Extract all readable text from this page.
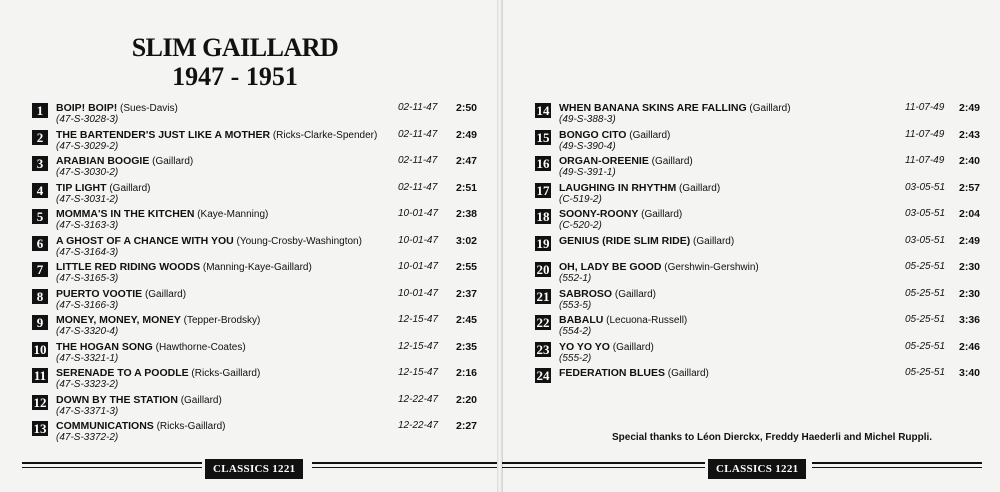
SLIM GAILLARD
1947 - 1951
1	BOIP! BOIP! (Sues-Davis)
(47-S-3028-3)
02-11-47 2:50
2	THE BARTENDER'S JUST LIKE A MOTHER (Ricks-Clarke-Spender)
(47-S-3029-2)
02-11-47 2:49
3	ARABIAN BOOGIE (Gaillard)
(47-S-3030-2)
02-11-47 2:47
4	TIP LIGHT (Gaillard)
(47-S-3031-2)
02-11-47 2:51
5	MOMMA'S IN THE KITCHEN (Kaye-Manning)
(47-S-3163-3)
10-01-47 2:38
6	A GHOST OF A CHANCE WITH YOU (Young-Crosby-Washington)
(47-S-3164-3)
10-01-47 3:02
7	LITTLE RED RIDING WOODS (Manning-Kaye-Gaillard)
(47-S-3165-3)
10-01-47 2:55
8	PUERTO VOOTIE (Gaillard)
(47-S-3166-3)
10-01-47 2:37
9	MONEY, MONEY, MONEY (Tepper-Brodsky)
(47-S-3320-4)
12-15-47 2:45
10 THE HOGAN SONG (Hawthorne-Coates)
(47-S-3321-1)
12-15-47 2:35
11 SERENADE TO A POODLE (Ricks-Gaillard)
(47-S-3323-2)
12-15-47 2:16
12 DOWN BY THE STATION (Gaillard)
(47-S-3371-3)
12-22-47 2:20
13 COMMUNICATIONS (Ricks-Gaillard)
(47-S-3372-2)
12-22-47 2:27
CLASSICS 1221
14 WHEN BANANA SKINS ARE FALLING (Gaillard)
(49-S-388-3)
11-07-49 2:49
15 BONGO CITO (Gaillard)
(49-S-390-4)
11-07-49 2:43
16 ORGAN-OREENIE (Gaillard)
(49-S-391-1)
11-07-49 2:40
17 LAUGHING IN RHYTHM (Gaillard)
(C-519-2)
03-05-51 2:57
18 SOONY-ROONY (Gaillard)
(C-520-2)
03-05-51 2:04
19 GENIUS (RIDE SLIM RIDE) (Gaillard)	03-05-51 2:49
20 OH, LADY BE GOOD (Gershwin-Gershwin)
(552-1)
05-25-51 2:30
21 SABROSO (Gaillard)
(553-5)
05-25-51 2:30
22 BABALU (Lecuona-Russell)
(554-2)
05-25-51 3:36
23 YO YO YO (Gaillard)
(555-2)
05-25-51 2:46
24 FEDERATION BLUES (Gaillard)	05-25-51 3:40
Special thanks to Léon Dierckx, Freddy Haederli and Michel Ruppli.
CLASSICS 1221
